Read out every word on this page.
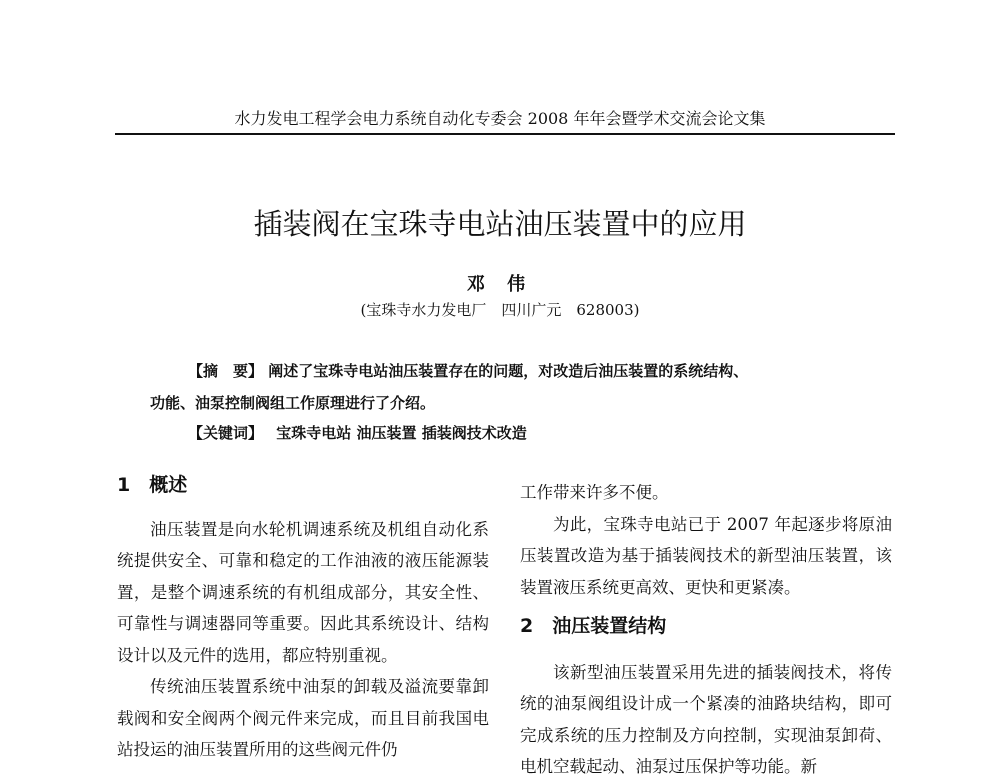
水力发电工程学会电力系统自动化专委会 2008 年年会暨学术交流会论文集
插装阀在宝珠寺电站油压装置中的应用
邓 伟
(宝珠寺水力发电厂　四川广元　628003)
【摘　要】 阐述了宝珠寺电站油压装置存在的问题，对改造后油压装置的系统结构、
功能、油泵控制阀组工作原理进行了介绍。
【关键词】 宝珠寺电站 油压装置 插装阀技术改造

1　概述

油压装置是向水轮机调速系统及机组自动化系统提供安全、可靠和稳定的工作油液的液压能源装置，是整个调速系统的有机组成部分，其安全性、可靠性与调速器同等重要。因此其系统设计、结构设计以及元件的选用，都应特别重视。

传统油压装置系统中油泵的卸载及溢流要靠卸载阀和安全阀两个阀元件来完成，而且目前我国电站投运的油压装置所用的这些阀元件仍

工作带来许多不便。

为此，宝珠寺电站已于 2007 年起逐步将原油压装置改造为基于插装阀技术的新型油压装置，该装置液压系统更高效、更快和更紧凑。

2　油压装置结构

该新型油压装置采用先进的插装阀技术，将传统的油泵阀组设计成一个紧凑的油路块结构，即可完成系统的压力控制及方向控制，实现油泵卸荷、电机空载起动、油泵过压保护等功能。新
